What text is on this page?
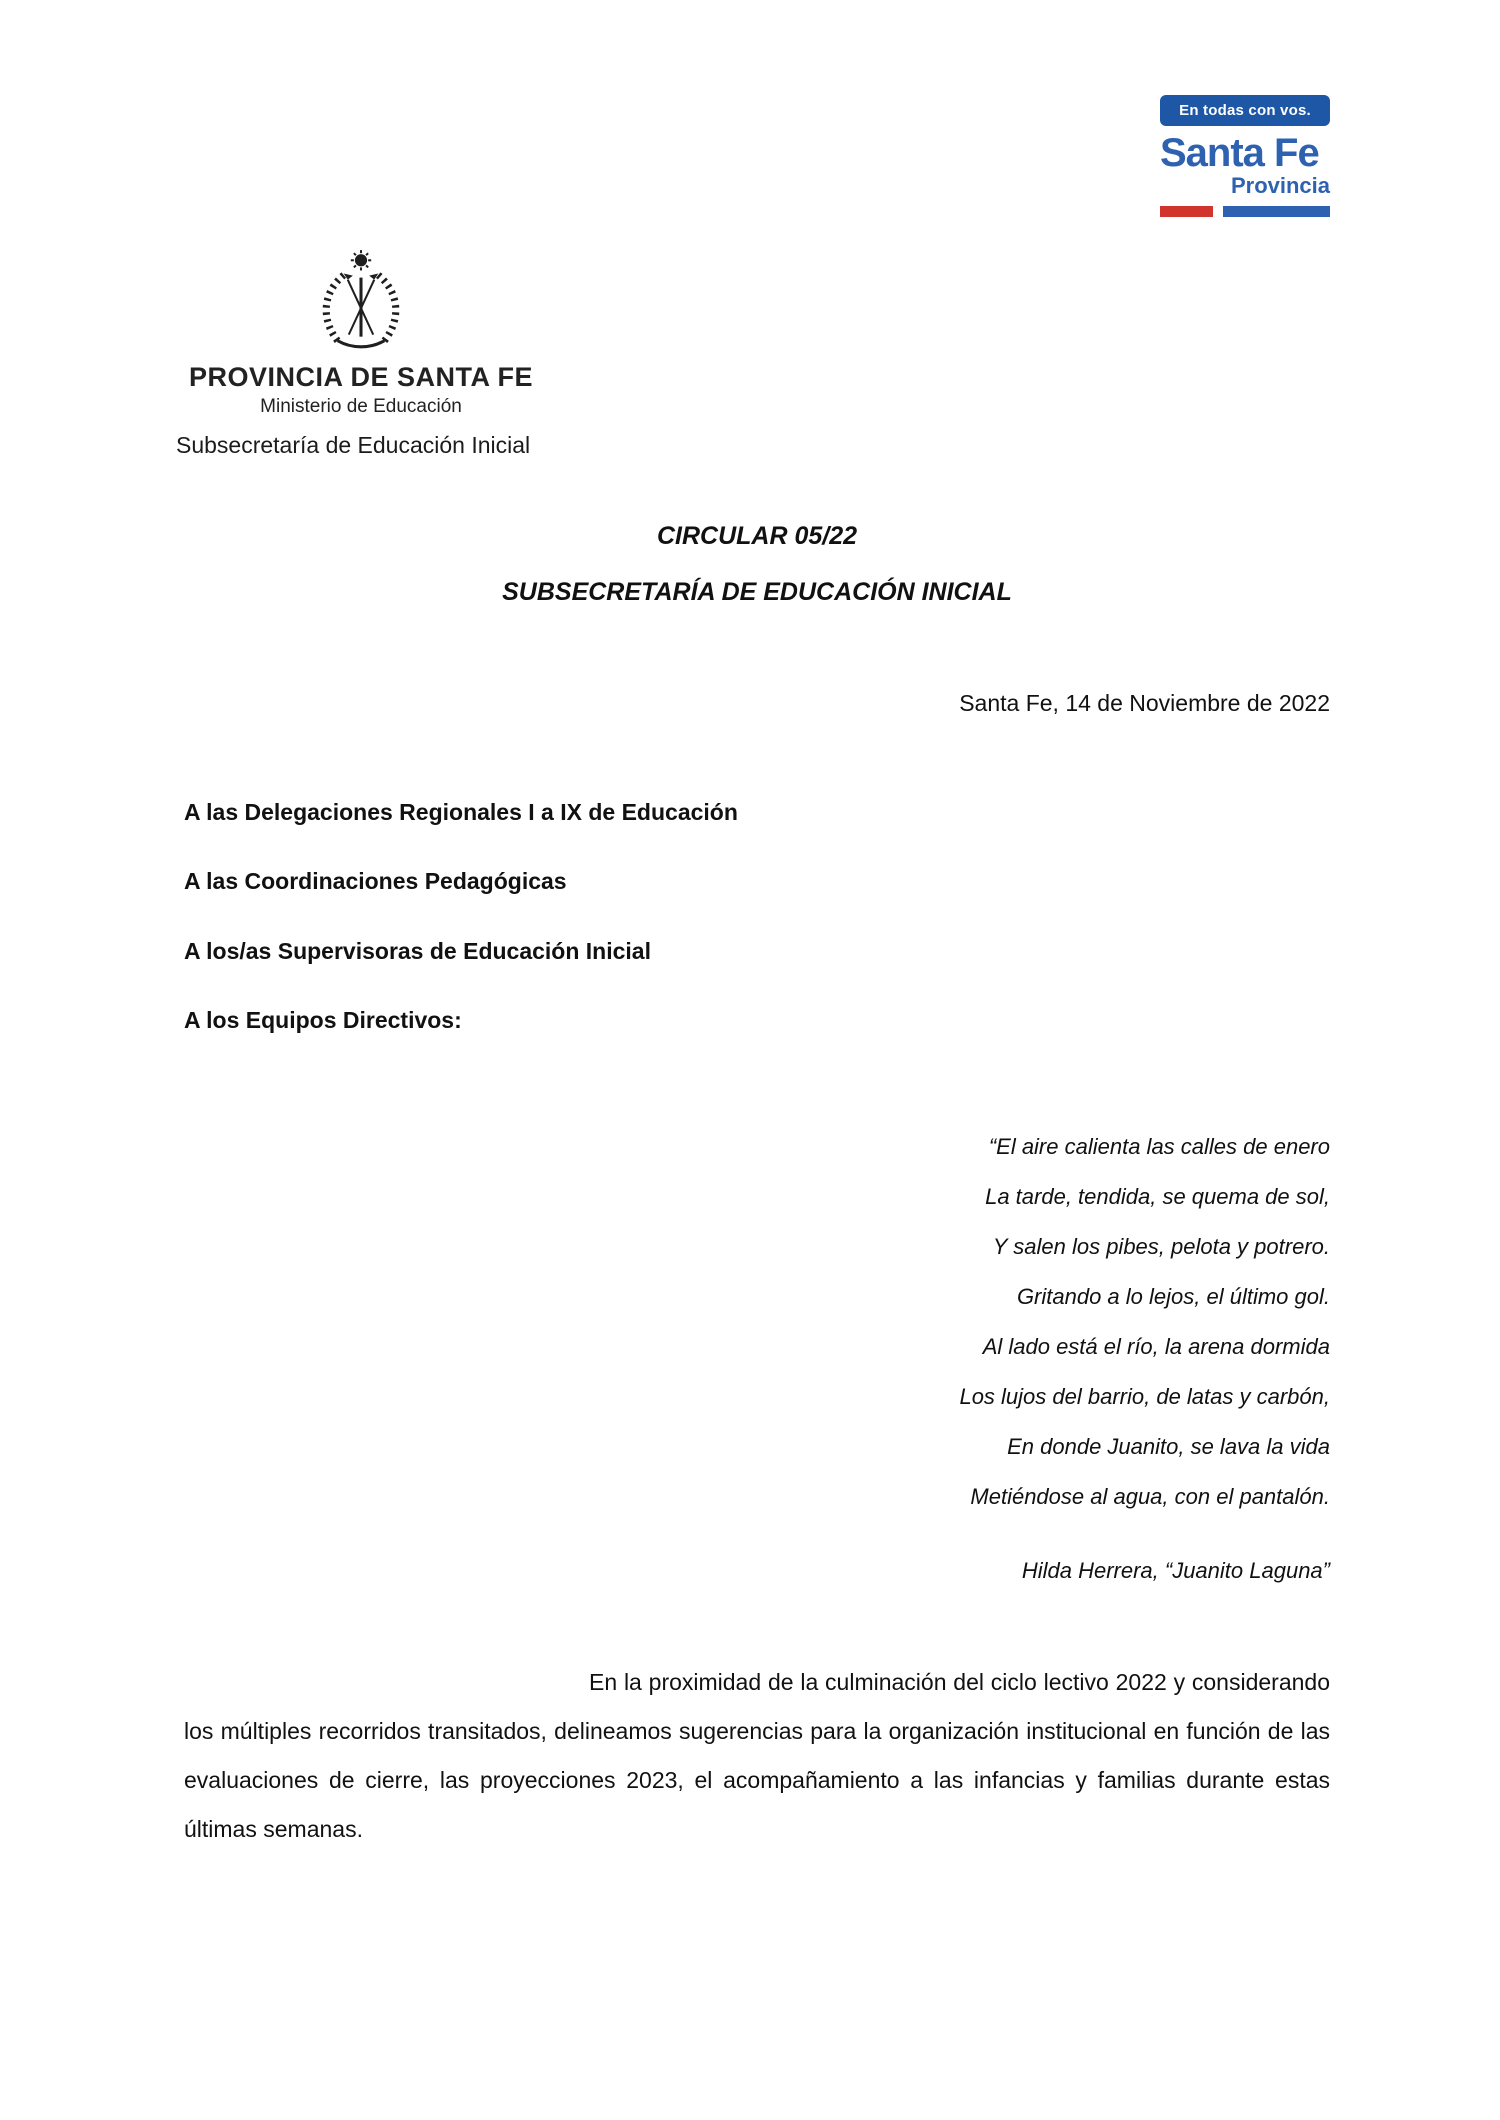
En todas con vos.
Santa Fe
Provincia
PROVINCIA DE SANTA FE
Ministerio de Educación
Subsecretaría de Educación Inicial
CIRCULAR 05/22
SUBSECRETARÍA DE EDUCACIÓN INICIAL
Santa Fe, 14 de Noviembre de 2022
A las Delegaciones Regionales I a IX de Educación
A las Coordinaciones Pedagógicas
A los/as Supervisoras de Educación Inicial
A los Equipos Directivos:
“El aire calienta las calles de enero
La tarde, tendida, se quema de sol,
Y salen los pibes, pelota y potrero.
Gritando a lo lejos, el último gol.
Al lado está el río, la arena dormida
Los lujos del barrio, de latas y carbón,
En donde Juanito, se lava la vida
Metiéndose al agua, con el pantalón.
Hilda Herrera, “Juanito Laguna”
En la proximidad de la culminación del ciclo lectivo 2022 y considerando los múltiples recorridos transitados, delineamos sugerencias para la organización institucional en función de las evaluaciones de cierre, las proyecciones 2023, el acompañamiento a las infancias y familias durante estas últimas semanas.
